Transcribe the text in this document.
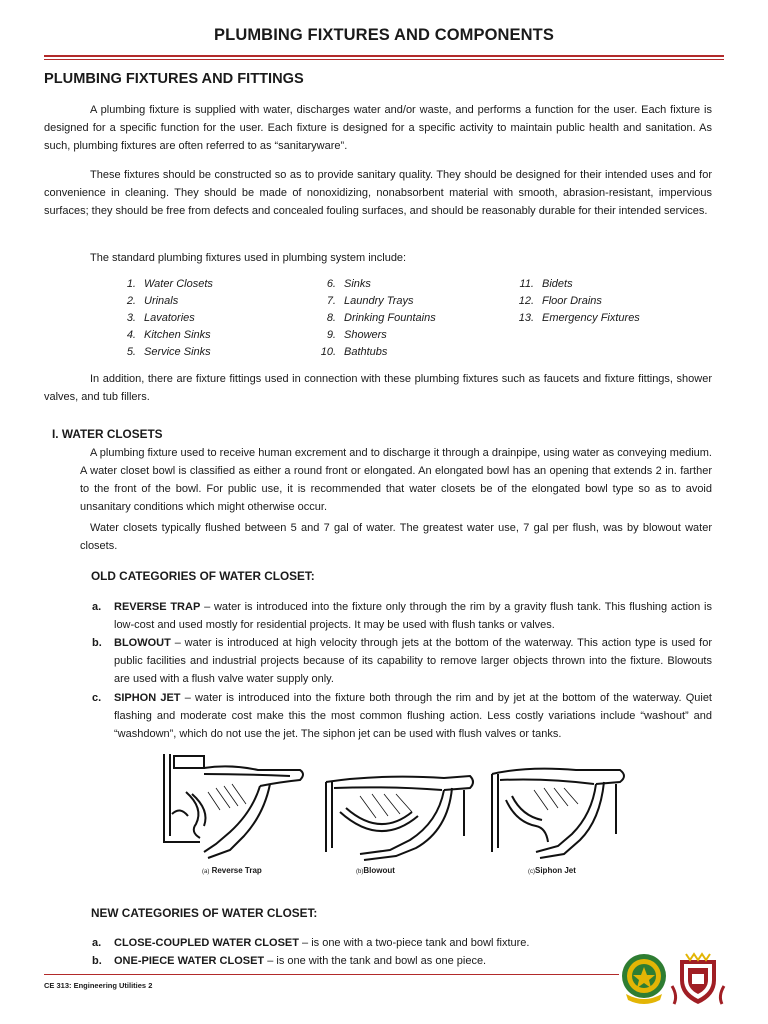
PLUMBING FIXTURES AND COMPONENTS
PLUMBING FIXTURES AND FITTINGS

A plumbing fixture is supplied with water, discharges water and/or waste, and performs a function for the user. Each fixture is designed for a specific function for the user. Each fixture is designed for a specific activity to maintain public health and sanitation. As such, plumbing fixtures are often referred to as “sanitaryware”.

These fixtures should be constructed so as to provide sanitary quality. They should be designed for their intended uses and for convenience in cleaning. They should be made of nonoxidizing, nonabsorbent material with smooth, abrasion-resistant, impervious surfaces; they should be free from defects and concealed fouling surfaces, and should be reasonably durable for their intended services.

The standard plumbing fixtures used in plumbing system include:

1. Water Closets
2. Urinals
3. Lavatories
4. Kitchen Sinks
5. Service Sinks
6. Sinks
7. Laundry Trays
8. Drinking Fountains
9. Showers
10. Bathtubs
11. Bidets
12. Floor Drains
13. Emergency Fixtures

In addition, there are fixture fittings used in connection with these plumbing fixtures such as faucets and fixture fittings, shower valves, and tub fillers.

I. WATER CLOSETS

A plumbing fixture used to receive human excrement and to discharge it through a drainpipe, using water as conveying medium. A water closet bowl is classified as either a round front or elongated. An elongated bowl has an opening that extends 2 in. farther to the front of the bowl. For public use, it is recommended that water closets be of the elongated bowl type so as to avoid unsanitary conditions which might otherwise occur.

Water closets typically flushed between 5 and 7 gal of water. The greatest water use, 7 gal per flush, was by blowout water closets.

OLD CATEGORIES OF WATER CLOSET:

a. REVERSE TRAP – water is introduced into the fixture only through the rim by a gravity flush tank. This flushing action is low-cost and used mostly for residential projects. It may be used with flush tanks or valves.

b. BLOWOUT – water is introduced at high velocity through jets at the bottom of the waterway. This action type is used for public facilities and industrial projects because of its capability to remove larger objects thrown into the fixture. Blowouts are used with a flush valve water supply only.

c. SIPHON JET – water is introduced into the fixture both through the rim and by jet at the bottom of the waterway. Quiet flashing and moderate cost make this the most common flushing action. Less costly variations include “washout” and “washdown”, which do not use the jet. The siphon jet can be used with flush valves or tanks.

(a) Reverse Trap	(b)Blowout	(c)Siphon Jet
NEW CATEGORIES OF WATER CLOSET:

a. CLOSE-COUPLED WATER CLOSET – is one with a two-piece tank and bowl fixture.

b. ONE-PIECE WATER CLOSET – is one with the tank and bowl as one piece.

CE 313: Engineering Utilities 2
